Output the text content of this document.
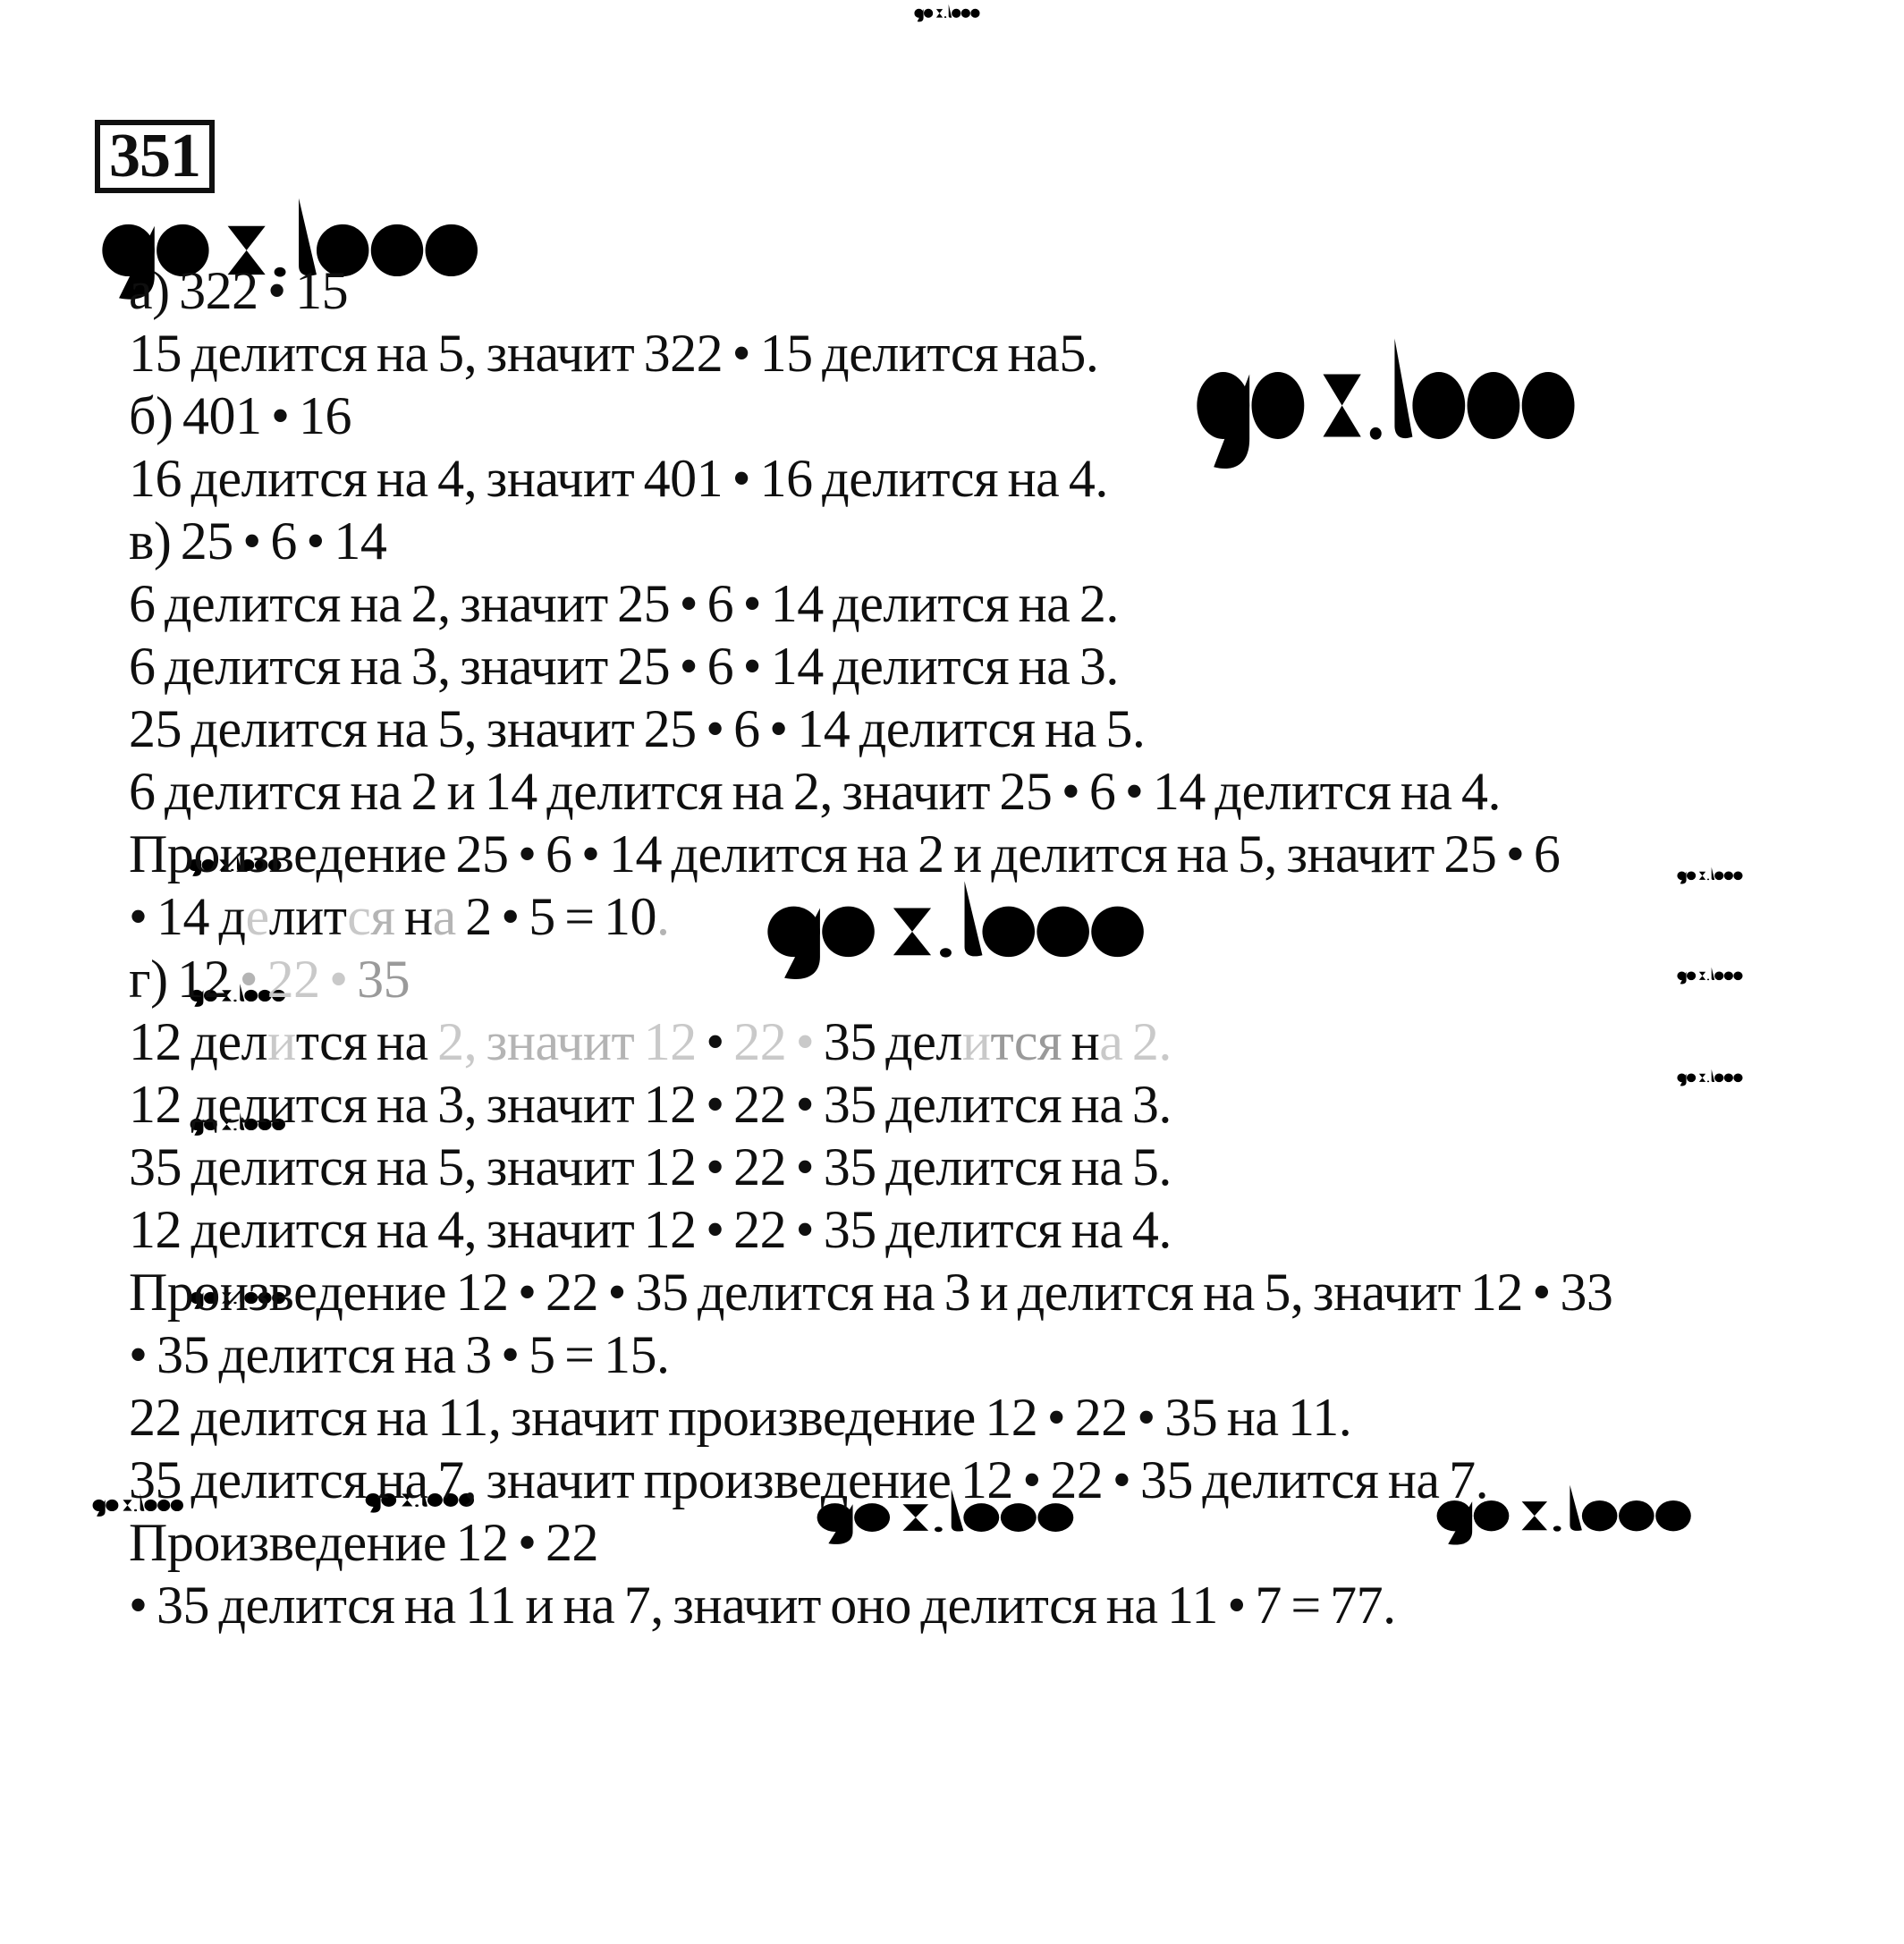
351
а) 322 • 15
15 делится на 5, значит 322 • 15 делится на5.
б) 401 • 16
16 делится на 4, значит 401 • 16 делится на 4.
в) 25 • 6 • 14
6 делится на 2, значит 25 • 6 • 14 делится на 2.
6 делится на 3, значит 25 • 6 • 14 делится на 3.
25 делится на 5, значит 25 • 6 • 14 делится на 5.
6 делится на 2 и 14 делится на 2, значит 25 • 6 • 14 делится на 4.
Произведение 25 • 6 • 14 делится на 2 и делится на 5, значит 25 • 6
• 14 делится на 2 • 5 = 10.
г) 12 • 22 • 35
12 делится на 2, значит 12 • 22 • 35 делится на 2.
12 делится на 3, значит 12 • 22 • 35 делится на 3.
35 делится на 5, значит 12 • 22 • 35 делится на 5.
12 делится на 4, значит 12 • 22 • 35 делится на 4.
Произведение 12 • 22 • 35 делится на 3 и делится на 5, значит 12 • 33
• 35 делится на 3 • 5 = 15.
22 делится на 11, значит произведение 12 • 22 • 35 на 11.
35 делится на 7, значит произведение 12 • 22 • 35 делится на 7.
Произведение 12 • 22
• 35 делится на 11 и на 7, значит оно делится на 11 • 7 = 77.
